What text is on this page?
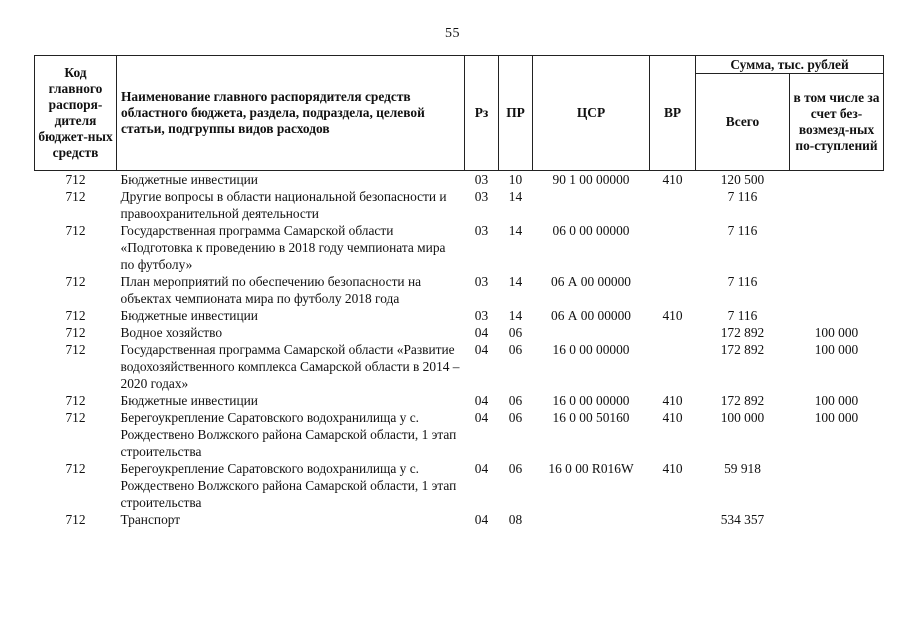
55
Код главного распоря-дителя бюджет-ных средств	Наименование главного распорядителя средств областного бюджета, раздела, подраздела, целевой статьи, подгруппы видов расходов	Рз	ПР	ЦСР	ВР	Сумма, тыс. рублей	
						Всего	в том числе за счет без-возмезд-ных по-ступлений
712	Бюджетные инвестиции	03	10	90 1 00 00000	410	120 500	
712	Другие вопросы в области национальной безопасности и правоохранительной деятельности	03	14			7 116	
712	Государственная программа Самарской области «Подготовка к проведению в 2018 году чемпионата мира по футболу»	03	14	06 0 00 00000		7 116	
712	План мероприятий по обеспечению безопасности на объектах чемпионата мира по футболу 2018 года	03	14	06 А 00 00000		7 116	
712	Бюджетные инвестиции	03	14	06 А 00 00000	410	7 116	
712	Водное хозяйство	04	06			172 892	100 000
712	Государственная программа Самарской области «Развитие водохозяйственного комплекса Самарской области в 2014 – 2020 годах»	04	06	16 0 00 00000		172 892	100 000
712	Бюджетные инвестиции	04	06	16 0 00 00000	410	172 892	100 000
712	Берегоукрепление Саратовского водохранилища у с. Рождествено Волжского района Самарской области, 1 этап строительства	04	06	16 0 00 50160	410	100 000	100 000
712	Берегоукрепление Саратовского водохранилища у с. Рождествено Волжского района Самарской области, 1 этап строительства	04	06	16 0 00 R016W	410	59 918	
712	Транспорт	04	08			534 357	
